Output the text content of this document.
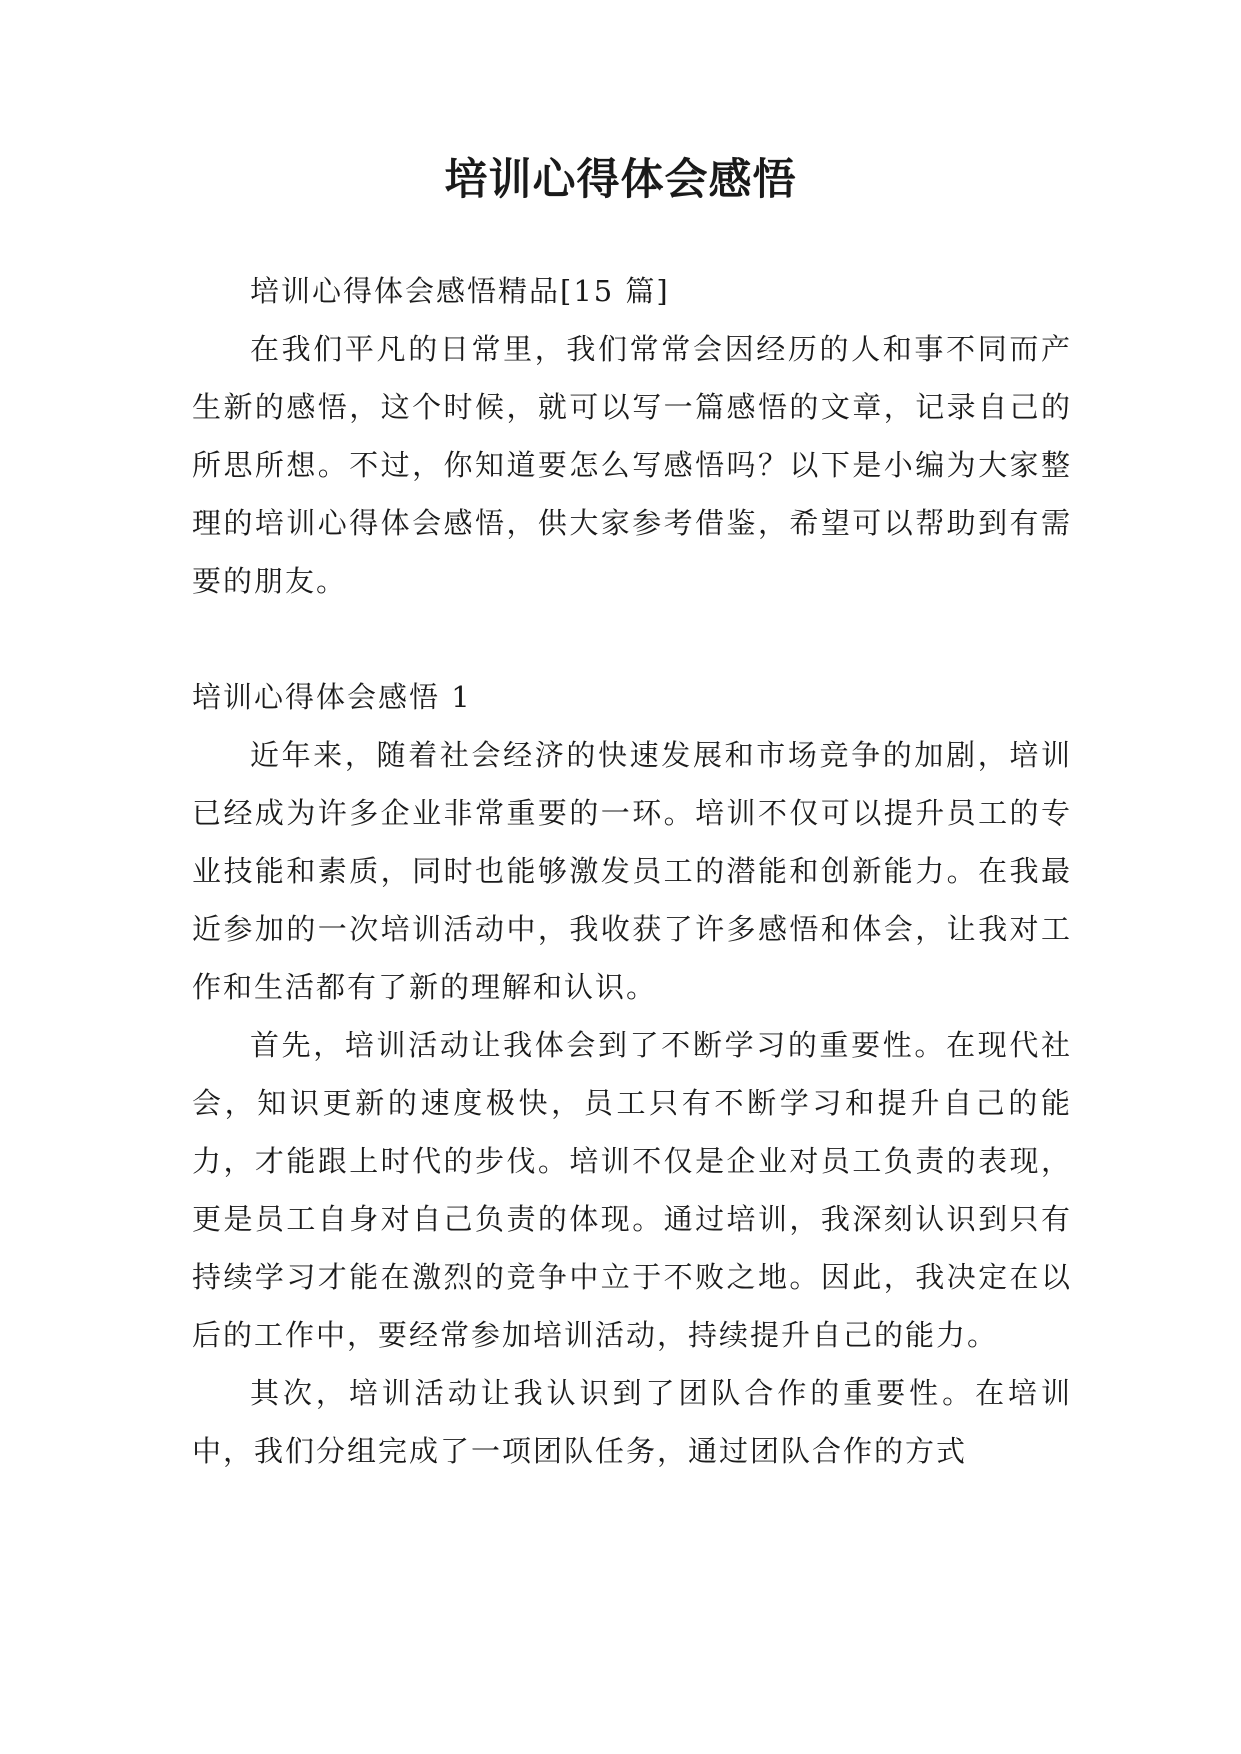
培训心得体会感悟

培训心得体会感悟精品[15 篇]

在我们平凡的日常里，我们常常会因经历的人和事不同而产生新的感悟，这个时候，就可以写一篇感悟的文章，记录自己的所思所想。不过，你知道要怎么写感悟吗？以下是小编为大家整理的培训心得体会感悟，供大家参考借鉴，希望可以帮助到有需要的朋友。

培训心得体会感悟 1

近年来，随着社会经济的快速发展和市场竞争的加剧，培训已经成为许多企业非常重要的一环。培训不仅可以提升员工的专业技能和素质，同时也能够激发员工的潜能和创新能力。在我最近参加的一次培训活动中，我收获了许多感悟和体会，让我对工作和生活都有了新的理解和认识。

首先，培训活动让我体会到了不断学习的重要性。在现代社会，知识更新的速度极快，员工只有不断学习和提升自己的能力，才能跟上时代的步伐。培训不仅是企业对员工负责的表现，更是员工自身对自己负责的体现。通过培训，我深刻认识到只有持续学习才能在激烈的竞争中立于不败之地。因此，我决定在以后的工作中，要经常参加培训活动，持续提升自己的能力。

其次，培训活动让我认识到了团队合作的重要性。在培训中，我们分组完成了一项团队任务，通过团队合作的方式
